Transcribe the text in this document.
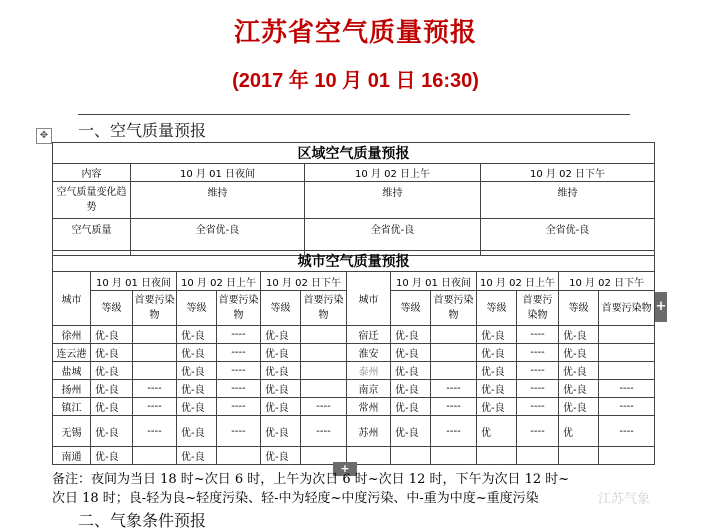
江苏省空气质量预报
(2017 年 10 月 01 日 16:30)
✥ 一、空气质量预报
区域空气质量预报			
内容	10 月 01 日夜间	10 月 02 日上午	10 月 02 日下午
空气质量变化趋势	维持	维持	维持
空气质量	全省优-良	全省优-良	全省优-良
城市空气质量预报													
城市	10 月 01 日夜间		10 月 02 日上午		10 月 02 日下午		城市	10 月 01 日夜间		10 月 02 日上午		10 月 02 日下午	
	等级	首要污染物	等级	首要污染物	等级	首要污染物		等级	首要污染物	等级	首要污染物	等级	首要污染物
徐州	优-良		优-良	----	优-良		宿迁	优-良		优-良	----	优-良	
连云港	优-良		优-良	----	优-良		淮安	优-良		优-良	----	优-良	
盐城	优-良		优-良	----	优-良		泰州	优-良		优-良	----	优-良	
扬州	优-良	----	优-良	----	优-良		南京	优-良	----	优-良	----	优-良	----
镇江	优-良	----	优-良	----	优-良	----	常州	优-良	----	优-良	----	优-良	----
无锡	优-良	----	优-良	----	优-良	----	苏州	优-良	----	优	----	优	----
南通	优-良		优-良		优-良								
+
+
备注：夜间为当日 18 时~次日 6 时，上午为次日 6 时~次日 12 时，下午为次日 12 时~
次日 18 时；良-轻为良~轻度污染、轻-中为轻度~中度污染、中-重为中度~重度污染	江苏气象
二、气象条件预报
